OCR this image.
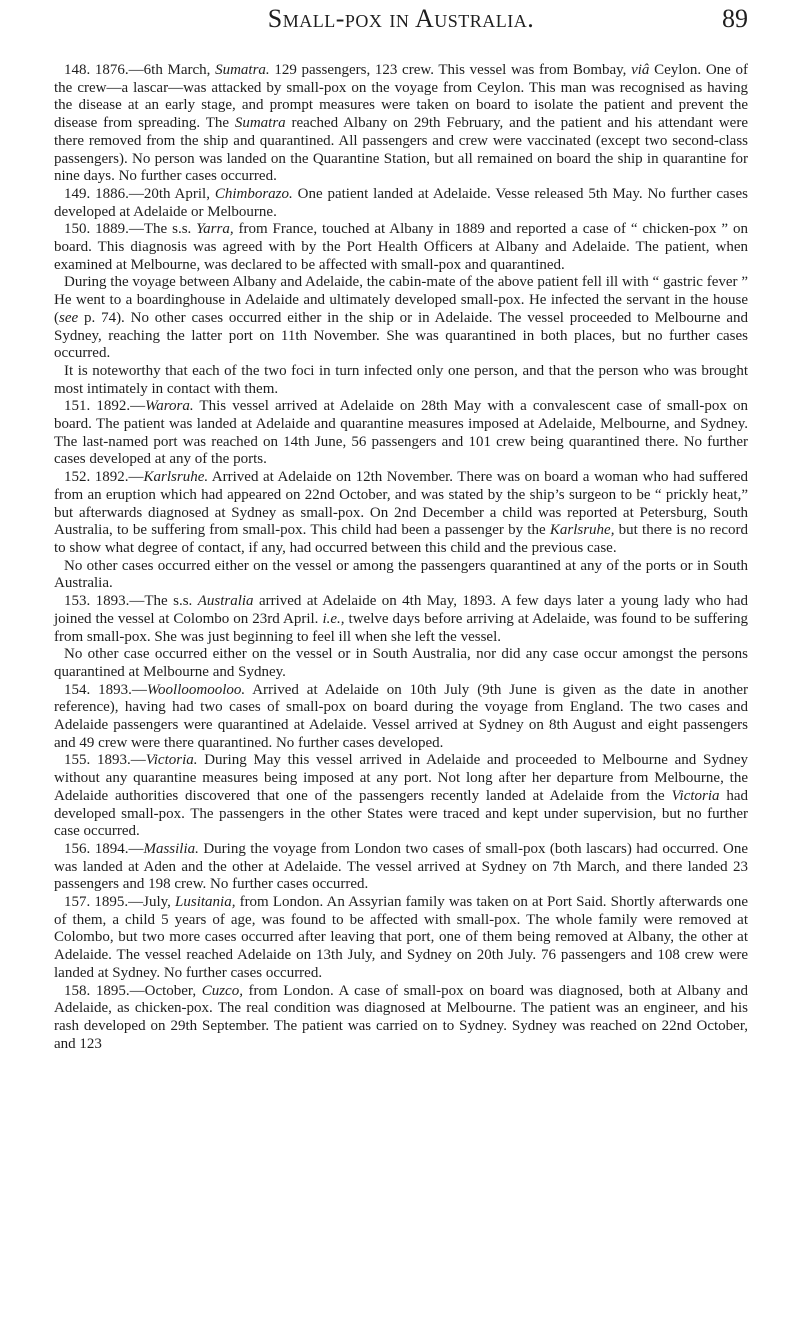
Small-pox in Australia.	89

148. 1876.—6th March, Sumatra. 129 passengers, 123 crew. This vessel was from Bombay, viâ Ceylon. One of the crew—a lascar—was attacked by small-pox on the voyage from Ceylon. This man was recognised as having the disease at an early stage, and prompt measures were taken on board to isolate the patient and prevent the disease from spreading. The Sumatra reached Albany on 29th February, and the patient and his attendant were there removed from the ship and quarantined. All passengers and crew were vaccinated (except two second-class passengers). No person was landed on the Quarantine Station, but all remained on board the ship in quarantine for nine days. No further cases occurred.

149. 1886.—20th April, Chimborazo. One patient landed at Adelaide. Vesse released 5th May. No further cases developed at Adelaide or Melbourne.

150. 1889.—The s.s. Yarra, from France, touched at Albany in 1889 and reported a case of “ chicken-pox ” on board. This diagnosis was agreed with by the Port Health Officers at Albany and Adelaide. The patient, when examined at Melbourne, was declared to be affected with small-pox and quarantined.

During the voyage between Albany and Adelaide, the cabin-mate of the above patient fell ill with “ gastric fever ” He went to a boardinghouse in Adelaide and ultimately developed small-pox. He infected the servant in the house (see p. 74). No other cases occurred either in the ship or in Adelaide. The vessel proceeded to Melbourne and Sydney, reaching the latter port on 11th November. She was quarantined in both places, but no further cases occurred.

It is noteworthy that each of the two foci in turn infected only one person, and that the person who was brought most intimately in contact with them.

151. 1892.—Warora. This vessel arrived at Adelaide on 28th May with a convalescent case of small-pox on board. The patient was landed at Adelaide and quarantine measures imposed at Adelaide, Melbourne, and Sydney. The last-named port was reached on 14th June, 56 passengers and 101 crew being quarantined there. No further cases developed at any of the ports.

152. 1892.—Karlsruhe. Arrived at Adelaide on 12th November. There was on board a woman who had suffered from an eruption which had appeared on 22nd October, and was stated by the ship’s surgeon to be “ prickly heat,” but afterwards diagnosed at Sydney as small-pox. On 2nd December a child was reported at Petersburg, South Australia, to be suffering from small-pox. This child had been a passenger by the Karlsruhe, but there is no record to show what degree of contact, if any, had occurred between this child and the previous case.

No other cases occurred either on the vessel or among the passengers quarantined at any of the ports or in South Australia.

153. 1893.—The s.s. Australia arrived at Adelaide on 4th May, 1893. A few days later a young lady who had joined the vessel at Colombo on 23rd April. i.e., twelve days before arriving at Adelaide, was found to be suffering from small-pox. She was just beginning to feel ill when she left the vessel.

No other case occurred either on the vessel or in South Australia, nor did any case occur amongst the persons quarantined at Melbourne and Sydney.

154. 1893.—Woolloomooloo. Arrived at Adelaide on 10th July (9th June is given as the date in another reference), having had two cases of small-pox on board during the voyage from England. The two cases and Adelaide passengers were quarantined at Adelaide. Vessel arrived at Sydney on 8th August and eight passengers and 49 crew were there quarantined. No further cases developed.

155. 1893.—Victoria. During May this vessel arrived in Adelaide and proceeded to Melbourne and Sydney without any quarantine measures being imposed at any port. Not long after her departure from Melbourne, the Adelaide authorities discovered that one of the passengers recently landed at Adelaide from the Victoria had developed small-pox. The passengers in the other States were traced and kept under supervision, but no further case occurred.

156. 1894.—Massilia. During the voyage from London two cases of small-pox (both lascars) had occurred. One was landed at Aden and the other at Adelaide. The vessel arrived at Sydney on 7th March, and there landed 23 passengers and 198 crew. No further cases occurred.

157. 1895.—July, Lusitania, from London. An Assyrian family was taken on at Port Said. Shortly afterwards one of them, a child 5 years of age, was found to be affected with small-pox. The whole family were removed at Colombo, but two more cases occurred after leaving that port, one of them being removed at Albany, the other at Adelaide. The vessel reached Adelaide on 13th July, and Sydney on 20th July. 76 passengers and 108 crew were landed at Sydney. No further cases occurred.

158. 1895.—October, Cuzco, from London. A case of small-pox on board was diagnosed, both at Albany and Adelaide, as chicken-pox. The real condition was diagnosed at Melbourne. The patient was an engineer, and his rash developed on 29th September. The patient was carried on to Sydney. Sydney was reached on 22nd October, and 123
